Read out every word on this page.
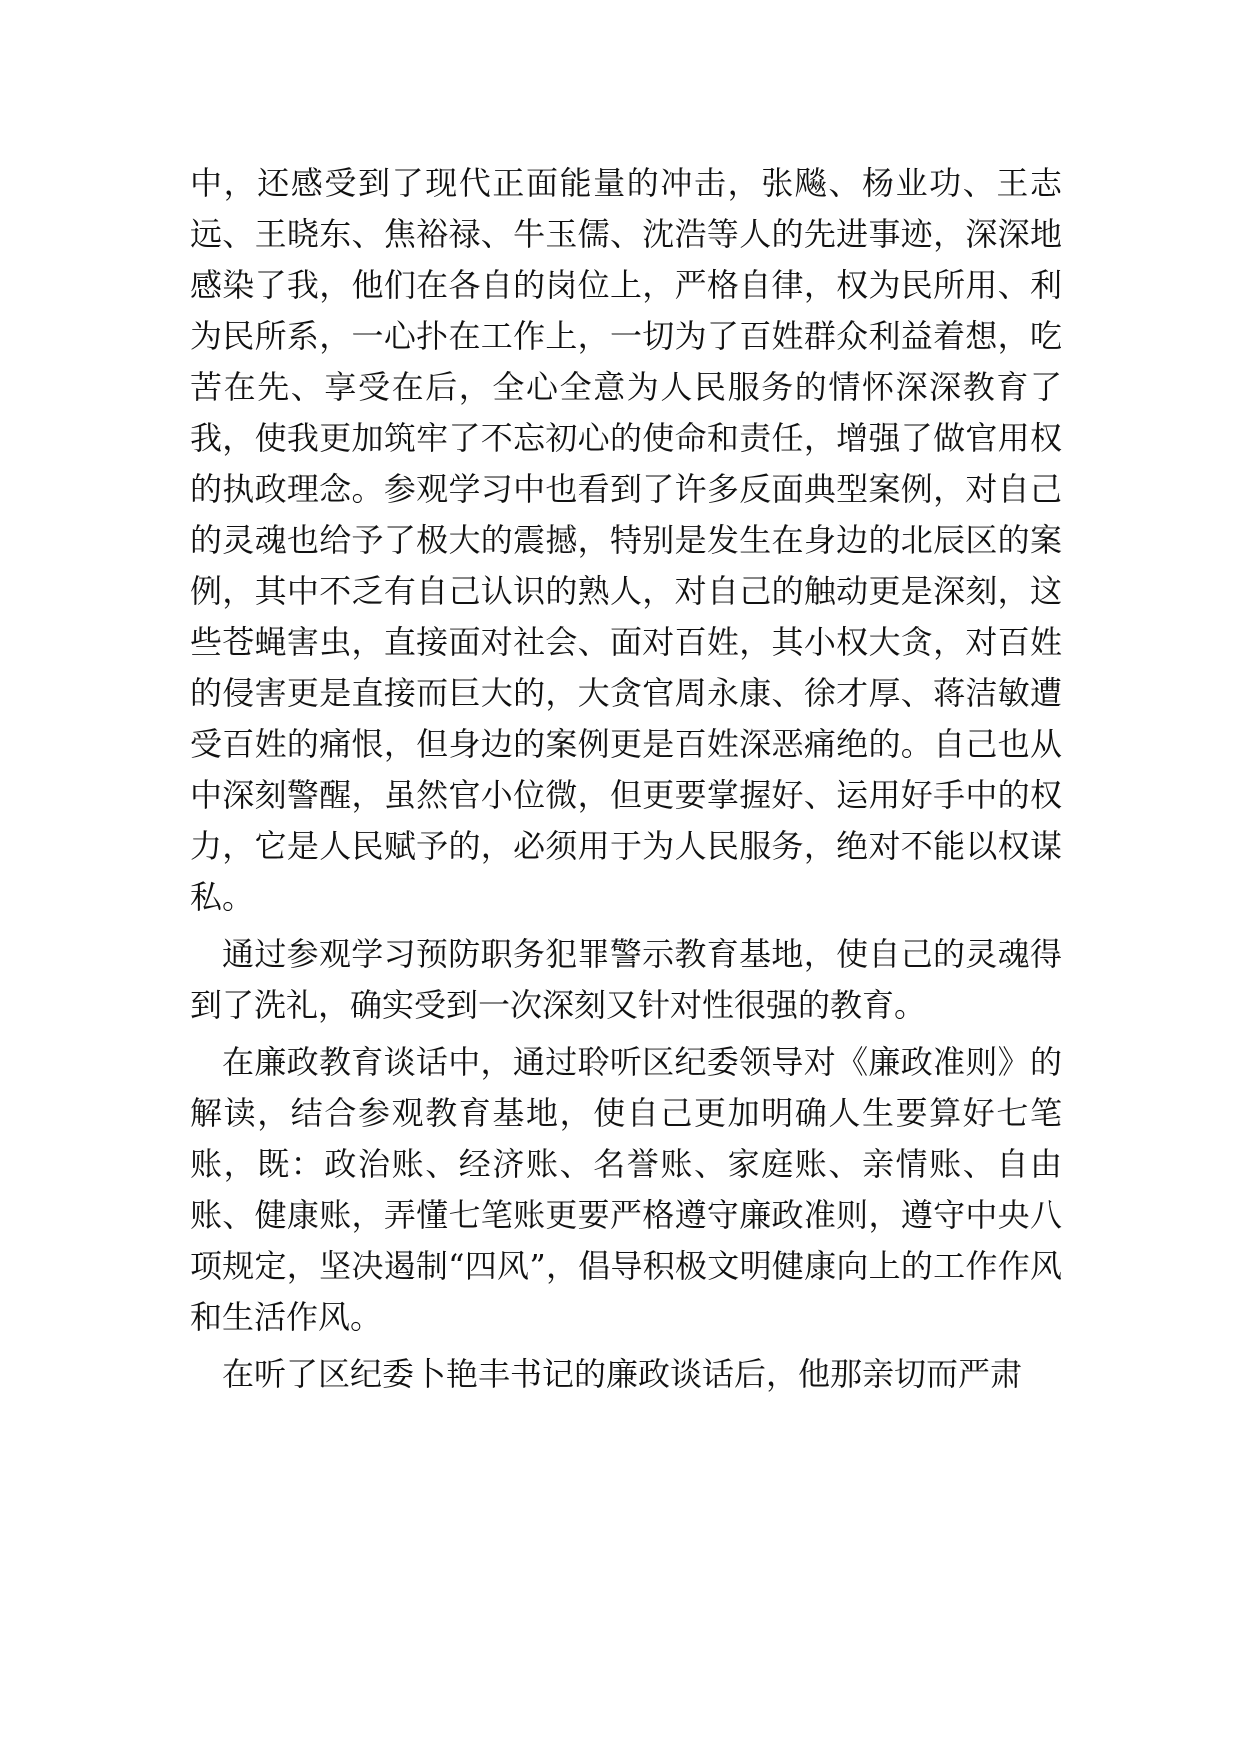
中，还感受到了现代正面能量的冲击，张飚、杨业功、王志远、王晓东、焦裕禄、牛玉儒、沈浩等人的先进事迹，深深地感染了我，他们在各自的岗位上，严格自律，权为民所用、利为民所系，一心扑在工作上，一切为了百姓群众利益着想，吃苦在先、享受在后，全心全意为人民服务的情怀深深教育了我，使我更加筑牢了不忘初心的使命和责任，增强了做官用权的执政理念。参观学习中也看到了许多反面典型案例，对自己的灵魂也给予了极大的震撼，特别是发生在身边的北辰区的案例，其中不乏有自己认识的熟人，对自己的触动更是深刻，这些苍蝇害虫，直接面对社会、面对百姓，其小权大贪，对百姓的侵害更是直接而巨大的，大贪官周永康、徐才厚、蒋洁敏遭受百姓的痛恨，但身边的案例更是百姓深恶痛绝的。自己也从中深刻警醒，虽然官小位微，但更要掌握好、运用好手中的权力，它是人民赋予的，必须用于为人民服务，绝对不能以权谋私。

通过参观学习预防职务犯罪警示教育基地，使自己的灵魂得到了洗礼，确实受到一次深刻又针对性很强的教育。

在廉政教育谈话中，通过聆听区纪委领导对《廉政准则》的解读，结合参观教育基地，使自己更加明确人生要算好七笔账，既：政治账、经济账、名誉账、家庭账、亲情账、自由账、健康账，弄懂七笔账更要严格遵守廉政准则，遵守中央八项规定，坚决遏制“四风”，倡导积极文明健康向上的工作作风和生活作风。

在听了区纪委卜艳丰书记的廉政谈话后，他那亲切而严肃
